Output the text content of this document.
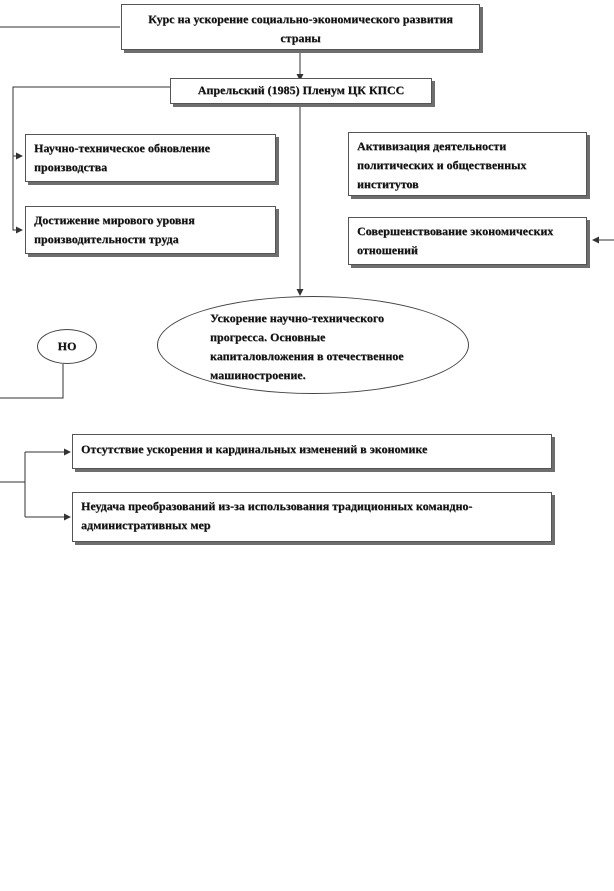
Курс на ускорение социально-экономического развития страны
Апрельский (1985) Пленум ЦК КПСС
Научно-техническое обновление производства
Достижение мирового уровня производительности труда
Активизация деятельности политических и общественных институтов
Совершенствование экономических отношений
Ускорение научно-технического прогресса. Основные капиталовложения в отечественное машиностроение.
НО
Отсутствие ускорения и кардинальных изменений в экономике
Неудача преобразований из-за использования традиционных командно-административных мер
